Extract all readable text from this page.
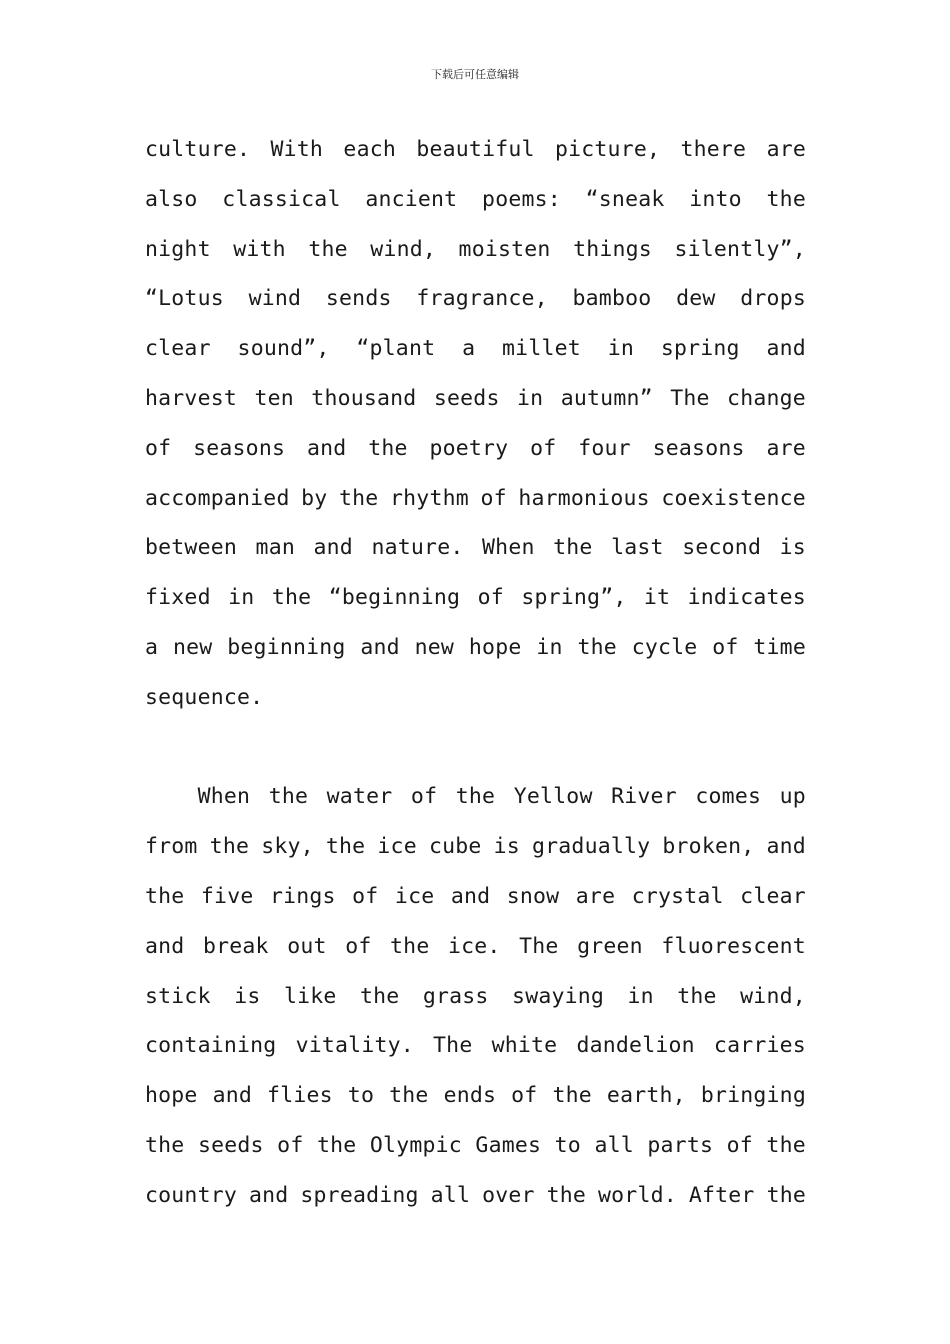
下载后可任意编辑
culture. With each beautiful picture, there are
also classical ancient poems: “sneak into the
night with the wind, moisten things silently”,
“Lotus wind sends fragrance, bamboo dew drops
clear sound”, “plant a millet in spring and
harvest ten thousand seeds in autumn” The change
of seasons and the poetry of four seasons are
accompanied by the rhythm of harmonious coexistence
between man and nature. When the last second is
fixed in the “beginning of spring”, it indicates
a new beginning and new hope in the cycle of time
sequence.
When the water of the Yellow River comes up
from the sky, the ice cube is gradually broken, and
the five rings of ice and snow are crystal clear
and break out of the ice. The green fluorescent
stick is like the grass swaying in the wind,
containing vitality. The white dandelion carries
hope and flies to the ends of the earth, bringing
the seeds of the Olympic Games to all parts of the
country and spreading all over the world. After the
